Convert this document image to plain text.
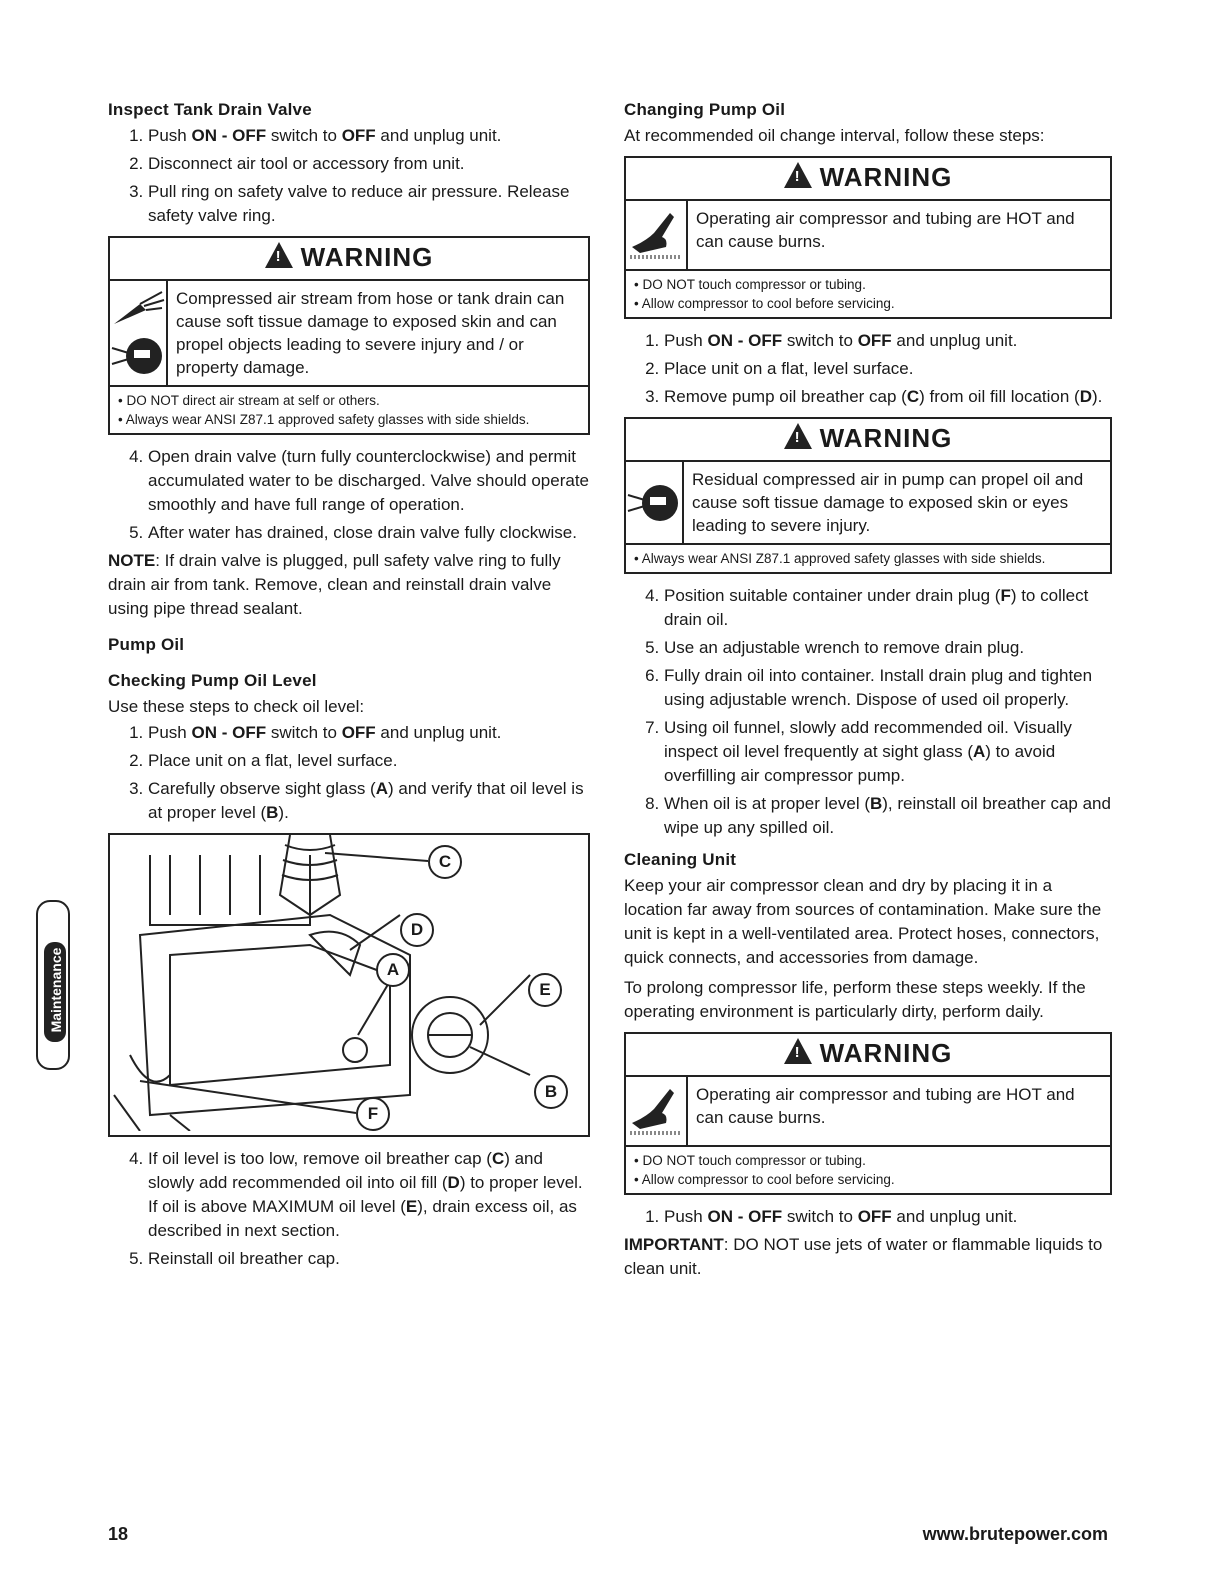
Inspect Tank Drain Valve
1. Push ON - OFF switch to OFF and unplug unit.
2. Disconnect air tool or accessory from unit.
3. Pull ring on safety valve to reduce air pressure. Release safety valve ring.
!WARNING
Compressed air stream from hose or tank drain can cause soft tissue damage to exposed skin and can propel objects leading to severe injury and / or property damage.
• DO NOT direct air stream at self or others.
• Always wear ANSI Z87.1 approved safety glasses with side shields.
4. Open drain valve (turn fully counterclockwise) and permit accumulated water to be discharged. Valve should operate smoothly and have full range of operation.
5. After water has drained, close drain valve fully clockwise.
NOTE: If drain valve is plugged, pull safety valve ring to fully drain air from tank. Remove, clean and reinstall drain valve using pipe thread sealant.
Pump Oil
Checking Pump Oil Level
Use these steps to check oil level:
1. Push ON - OFF switch to OFF and unplug unit.
2. Place unit on a flat, level surface.
3. Carefully observe sight glass (A) and verify that oil level is at proper level (B).
C
D
A
E
B
F
4. If oil level is too low, remove oil breather cap (C) and slowly add recommended oil into oil fill (D) to proper level. If oil is above MAXIMUM oil level (E), drain excess oil, as described in next section.
5. Reinstall oil breather cap.
Changing Pump Oil
At recommended oil change interval, follow these steps:
!WARNING
Operating air compressor and tubing are HOT and can cause burns.
• DO NOT touch compressor or tubing.
• Allow compressor to cool before servicing.
1. Push ON - OFF switch to OFF and unplug unit.
2. Place unit on a flat, level surface.
3. Remove pump oil breather cap (C) from oil fill location (D).
!WARNING
Residual compressed air in pump can propel oil and cause soft tissue damage to exposed skin or eyes leading to severe injury.
• Always wear ANSI Z87.1 approved safety glasses with side shields.
4. Position suitable container under drain plug (F) to collect drain oil.
5. Use an adjustable wrench to remove drain plug.
6. Fully drain oil into container. Install drain plug and tighten using adjustable wrench. Dispose of used oil properly.
7. Using oil funnel, slowly add recommended oil. Visually inspect oil level frequently at sight glass (A) to avoid overfilling air compressor pump.
8. When oil is at proper level (B), reinstall oil breather cap and wipe up any spilled oil.
Cleaning Unit
Keep your air compressor clean and dry by placing it in a location far away from sources of contamination. Make sure the unit is kept in a well-ventilated area. Protect hoses, connectors, quick connects, and accessories from damage.
To prolong compressor life, perform these steps weekly. If the operating environment is particularly dirty, perform daily.
!WARNING
Operating air compressor and tubing are HOT and can cause burns.
• DO NOT touch compressor or tubing.
• Allow compressor to cool before servicing.
1. Push ON - OFF switch to OFF and unplug unit.
IMPORTANT: DO NOT use jets of water or flammable liquids to clean unit.
Maintenance
18	www.brutepower.com
